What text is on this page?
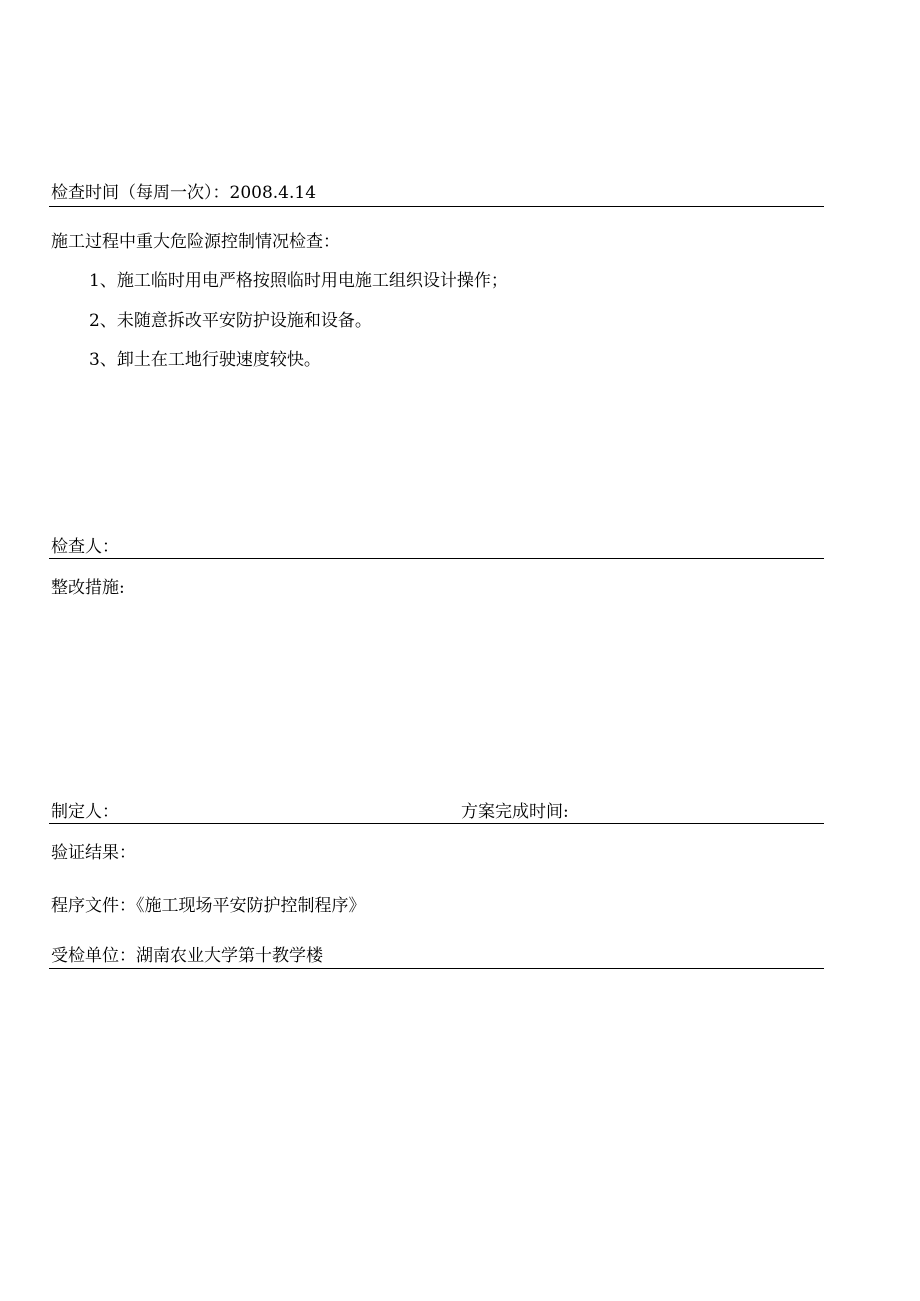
检查时间（每周一次）：2008.4.14
施工过程中重大危险源控制情况检查：
1、施工临时用电严格按照临时用电施工组织设计操作；
2、未随意拆改平安防护设施和设备。
3、卸土在工地行驶速度较快。
检查人：
整改措施:
制定人：	方案完成时间:
验证结果：
程序文件：《施工现场平安防护控制程序》
受检单位：湖南农业大学第十教学楼
